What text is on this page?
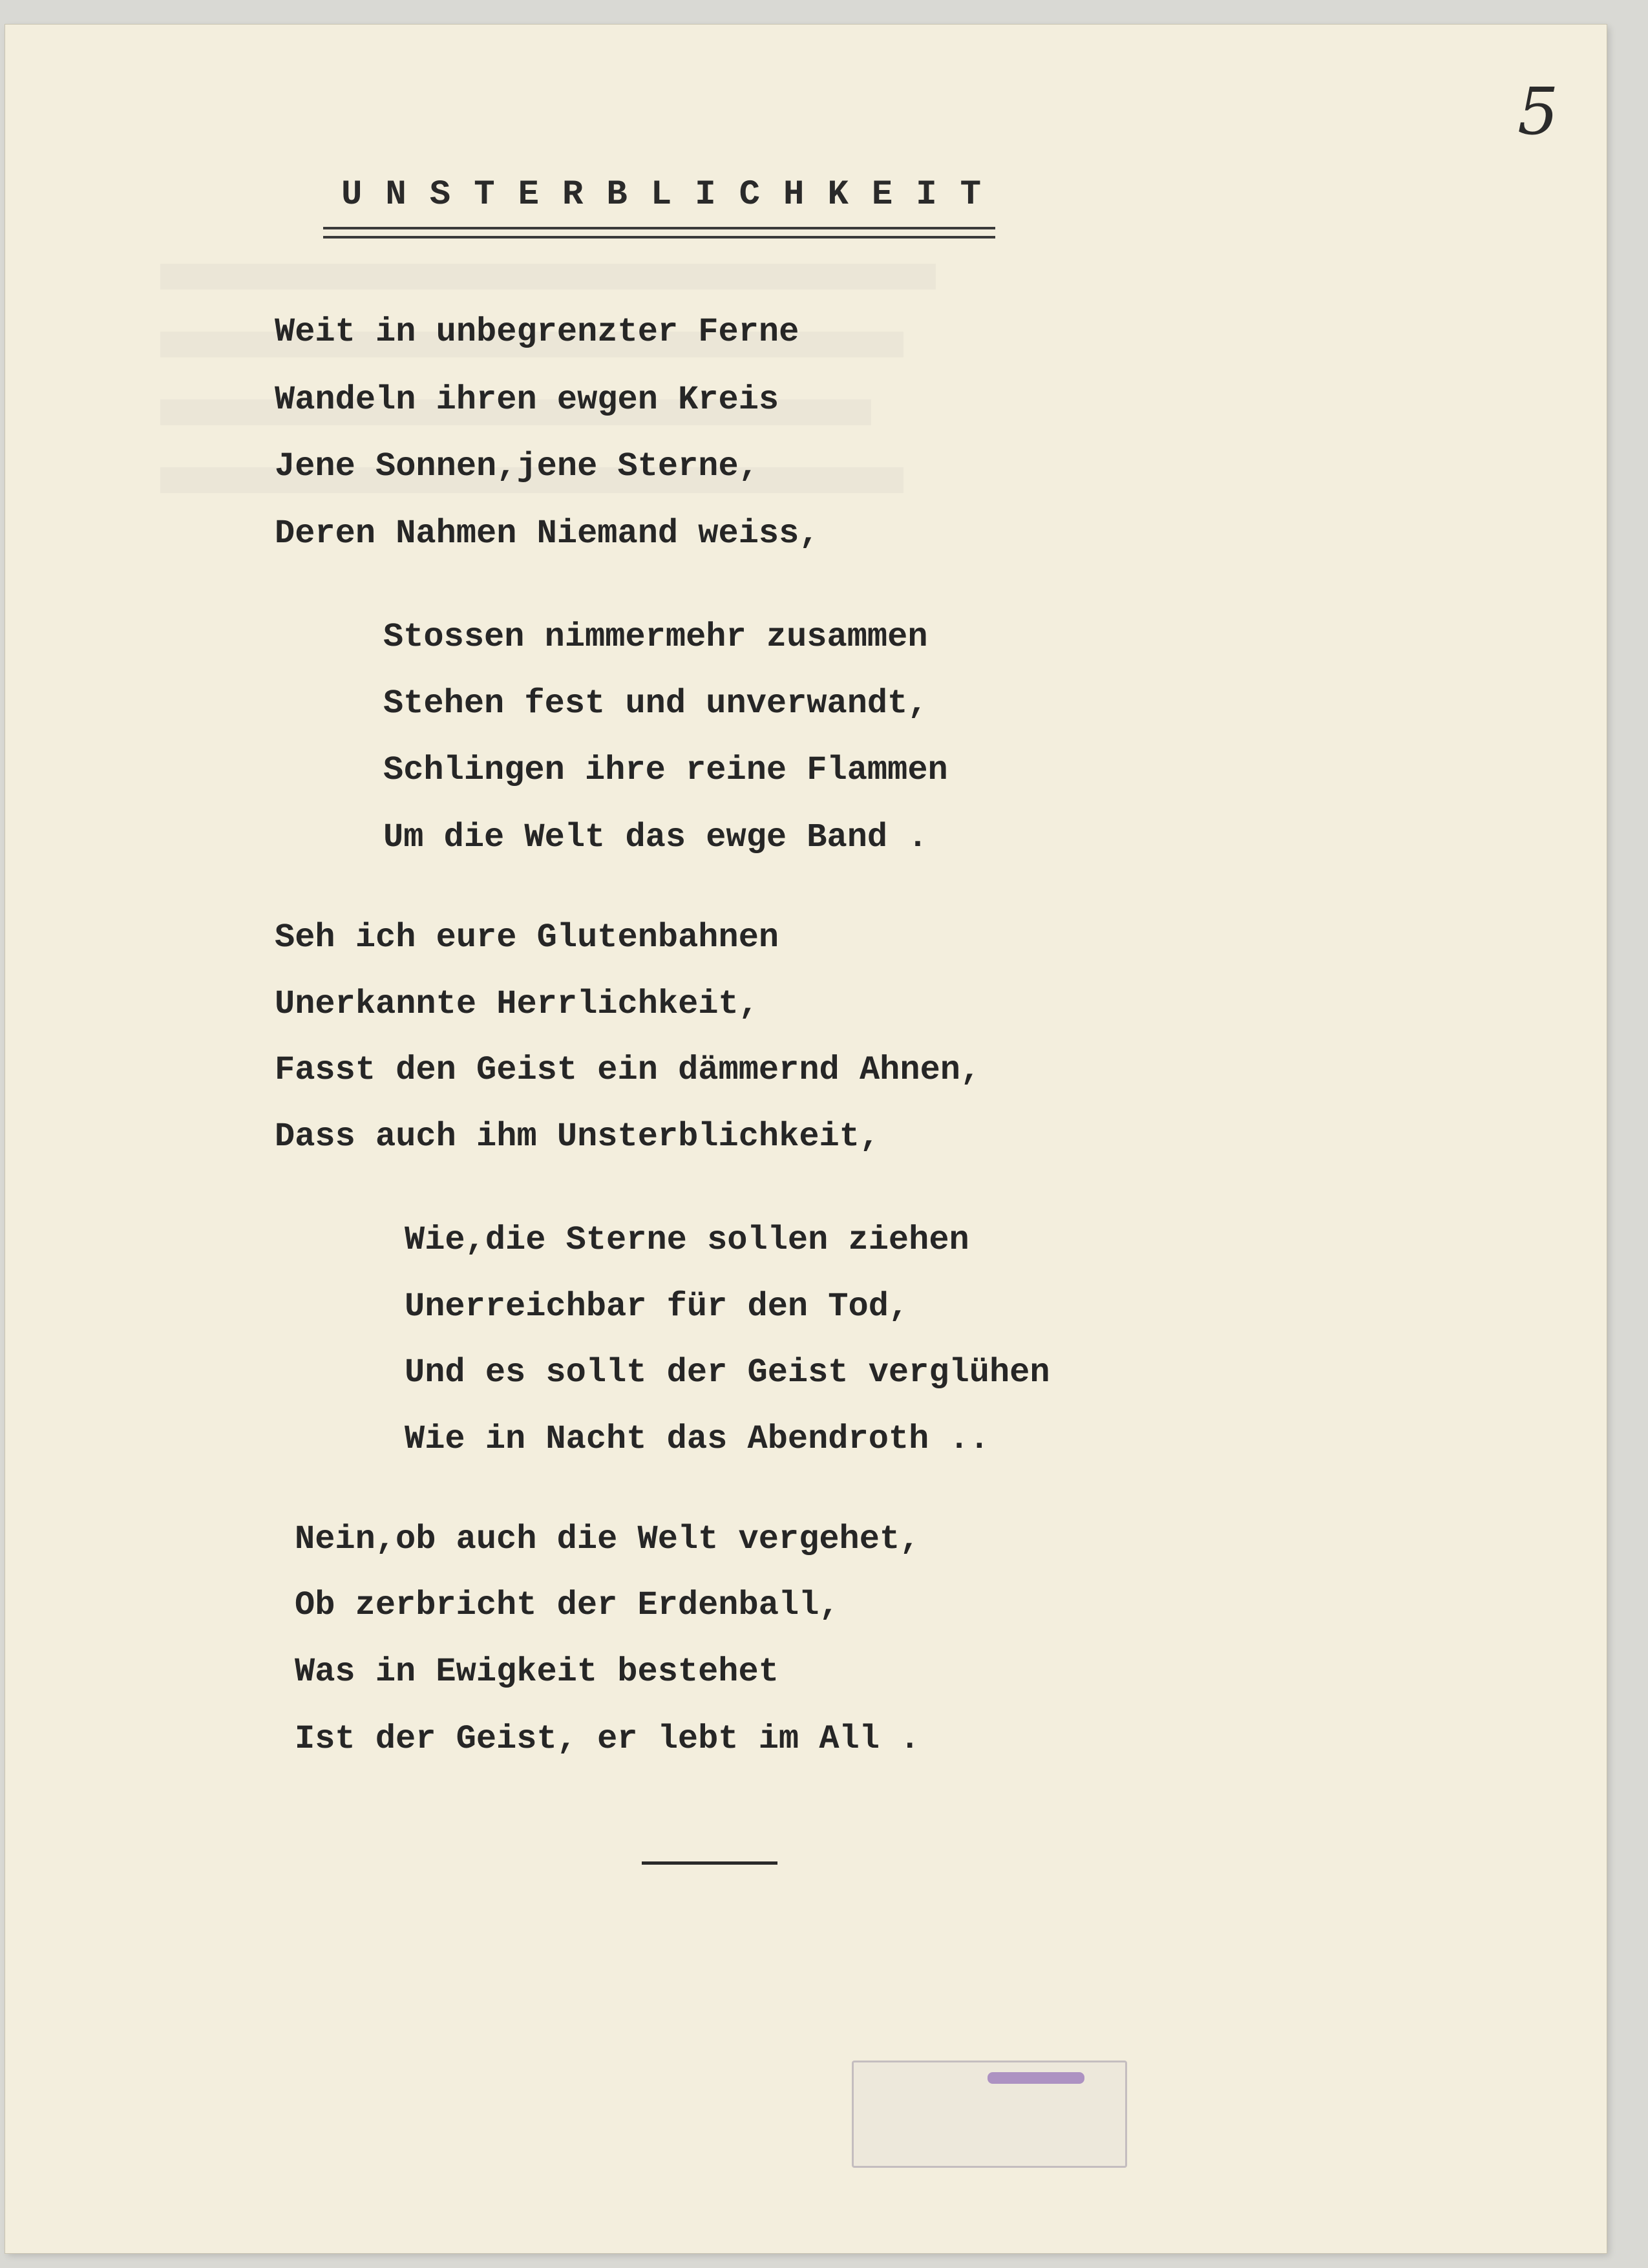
5
UNSTERBLICHKEIT
Weit in unbegrenzter Ferne
Wandeln ihren ewgen Kreis
Jene Sonnen,jene Sterne,
Deren Nahmen Niemand weiss,
Stossen nimmermehr zusammen
Stehen fest und unverwandt,
Schlingen ihre reine Flammen
Um die Welt das ewge Band .
Seh ich eure Glutenbahnen
Unerkannte Herrlichkeit,
Fasst den Geist ein dämmernd Ahnen,
Dass auch ihm Unsterblichkeit,
Wie,die Sterne sollen ziehen
Unerreichbar für den Tod,
Und es sollt der Geist verglühen
Wie in Nacht das Abendroth ..
Nein,ob auch die Welt vergehet,
Ob zerbricht der Erdenball,
Was in Ewigkeit bestehet
Ist der Geist, er lebt im All .
